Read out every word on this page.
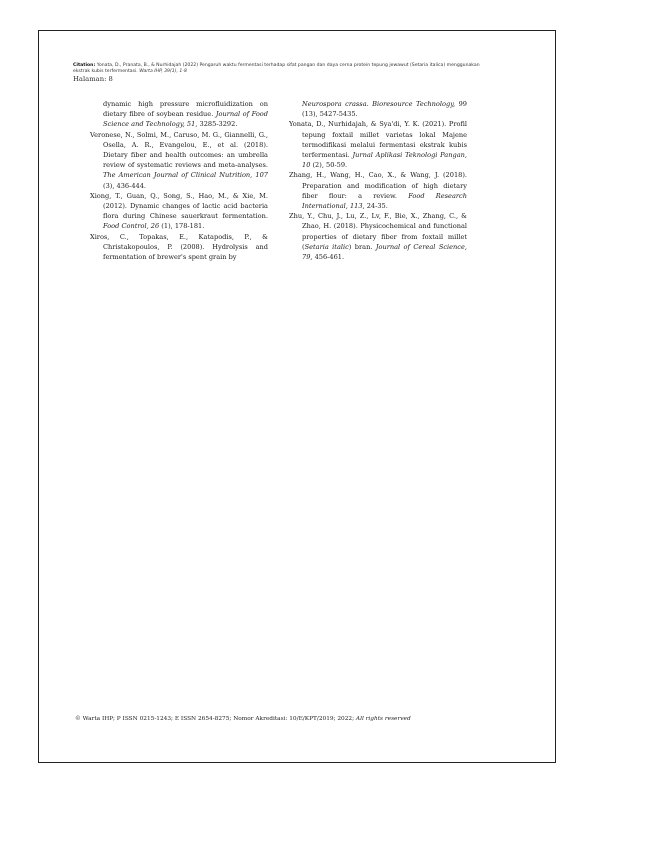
Citation: Yonata, D., Pranata, B., & Nurhidajah (2022) Pengaruh waktu fermentasi terhadap sifat pangan dan daya cerna protein tepung jewawut (Setaria italica) menggunakan ekstrak kubis terfermentasi. Warta IHP, 39(1), 1-8
Halaman: 8

dynamic high pressure microfluidization on dietary fibre of soybean residue. Journal of Food Science and Technology, 51, 3285-3292.

Veronese, N., Solmi, M., Caruso, M. G., Giannelli, G., Osella, A. R., Evangelou, E., et al. (2018). Dietary fiber and health outcomes: an umbrella review of systematic reviews and meta-analyses. The American Journal of Clinical Nutrition, 107 (3), 436-444.

Xiong, T., Guan, Q., Song, S., Hao, M., & Xie, M. (2012). Dynamic changes of lactic acid bacteria flora during Chinese sauerkraut fermentation. Food Control, 26 (1), 178-181.

Xiros, C., Topakas, E., Katapodis, P., & Christakopoulos, P. (2008). Hydrolysis and fermentation of brewer's spent grain by

Neurospora crassa. Bioresource Technology, 99 (13), 5427-5435.

Yonata, D., Nurhidajah, & Sya'di, Y. K. (2021). Profil tepung foxtail millet varietas lokal Majene termodifikasi melalui fermentasi ekstrak kubis terfermentasi. Jurnal Aplikasi Teknologi Pangan, 10 (2), 50-59.

Zhang, H., Wang, H., Cao, X., & Wang, J. (2018). Preparation and modification of high dietary fiber flour: a review. Food Research International, 113, 24-35.

Zhu, Y., Chu, J., Lu, Z., Lv, F., Bie, X., Zhang, C., & Zhao, H. (2018). Physicochemical and functional properties of dietary fiber from foxtail millet (Setaria italic) bran. Journal of Cereal Science, 79, 456-461.

© Warta IHP; P ISSN 0215-1243; E ISSN 2654-8275; Nomor Akreditasi: 10/E/KPT/2019; 2022; All rights reserved
